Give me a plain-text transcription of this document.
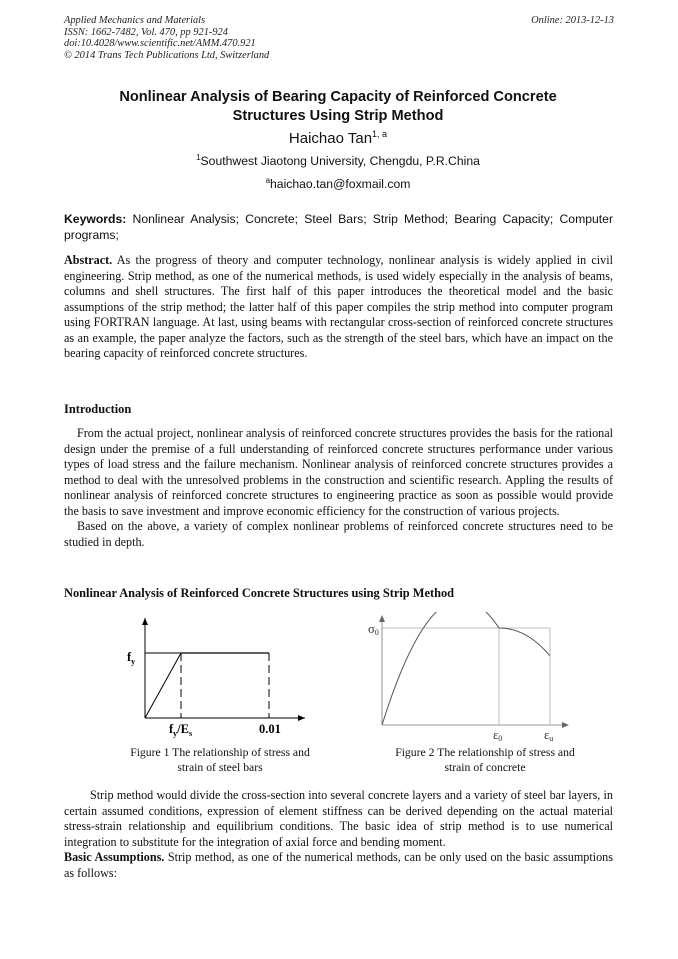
Applied Mechanics and Materials
ISSN: 1662-7482, Vol. 470, pp 921-924
doi:10.4028/www.scientific.net/AMM.470.921
© 2014 Trans Tech Publications Ltd, Switzerland
Online: 2013-12-13
Nonlinear Analysis of Bearing Capacity of Reinforced Concrete
Structures Using Strip Method
Haichao Tan$^{1, a}$
$^1$Southwest Jiaotong University, Chengdu, P.R.China
$^a$haichao.tan@foxmail.com
Keywords: Nonlinear Analysis; Concrete; Steel Bars; Strip Method; Bearing Capacity; Computer programs;
Abstract. As the progress of theory and computer technology, nonlinear analysis is widely applied in civil engineering. Strip method, as one of the numerical methods, is used widely especially in the analysis of beams, columns and shell structures. The first half of this paper introduces the theoretical model and the basic assumptions of the strip method; the latter half of this paper compiles the strip method into computer program using FORTRAN language. At last, using beams with rectangular cross-section of reinforced concrete structures as an example, the paper analyze the factors, such as the strength of the steel bars, which have an impact on the bearing capacity of reinforced concrete structures.
Introduction

From the actual project, nonlinear analysis of reinforced concrete structures provides the basis for the rational design under the premise of a full understanding of reinforced concrete structures performance under various types of load stress and the failure mechanism. Nonlinear analysis of reinforced concrete structures provides a method to deal with the unresolved problems in the construction and scientific research. Appling the results of nonlinear analysis of reinforced concrete structures to engineering practice as soon as possible would provide the basis to save investment and improve economic efficiency for the construction of various projects.

Based on the above, a variety of complex nonlinear problems of reinforced concrete structures need to be studied in depth.

Nonlinear Analysis of Reinforced Concrete Structures using Strip Method
$f_y$
$f_y/E_s$	0.01
Figure 1 The relationship of stress and
strain of steel bars
σ0
ε0	εu
Figure 2 The relationship of stress and
strain of concrete

Strip method would divide the cross-section into several concrete layers and a variety of steel bar layers, in certain assumed conditions, expression of element stiffness can be derived depending on the actual material stress-strain relationship and equilibrium conditions. The basic idea of strip method is to use numerical integration to substitute for the integration of axial force and bending moment.

Basic Assumptions. Strip method, as one of the numerical methods, can be only used on the basic assumptions as follows:
